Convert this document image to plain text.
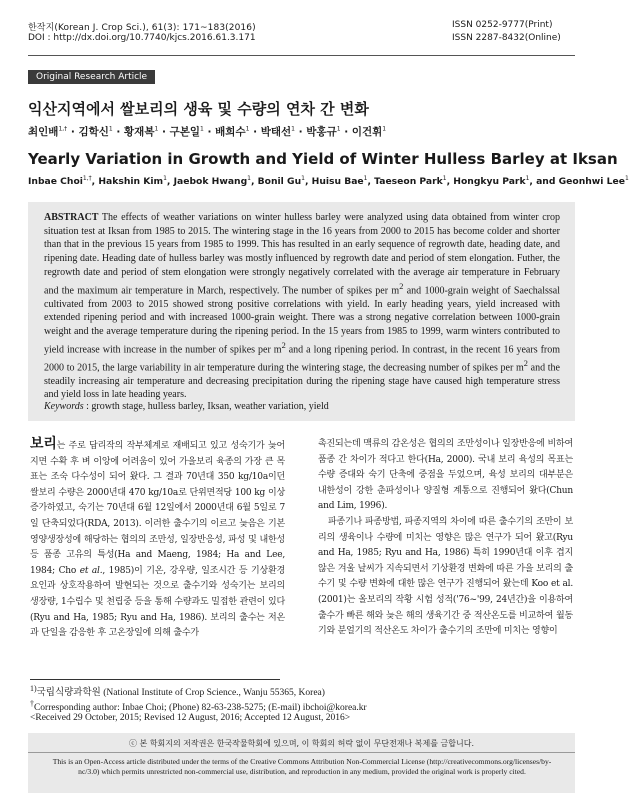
한작지(Korean J. Crop Sci.), 61(3): 171~183(2016)
DOI : http://dx.doi.org/10.7740/kjcs.2016.61.3.171
ISSN 0252-9777(Print)
ISSN 2287-8432(Online)
Original Research Article
익산지역에서 쌀보리의 생육 및 수량의 연차 간 변화
최인배$^{1,\dagger}$ · 김학신$^1$ · 황재복$^1$ · 구본일$^1$ · 배희수$^1$ · 박태선$^1$ · 박홍규$^1$ · 이건휘$^1$
Yearly Variation in Growth and Yield of Winter Hulless Barley at Iksan
Inbae Choi$^{1,\dagger}$, Hakshin Kim$^1$, Jaebok Hwang$^1$, Bonil Gu$^1$, Huisu Bae$^1$, Taeseon Park$^1$, Hongkyu Park$^1$, and Geonhwi Lee$^1$
ABSTRACT The effects of weather variations on winter hulless barley were analyzed using data obtained from winter crop situation test at Iksan from 1985 to 2015. The wintering stage in the 16 years from 2000 to 2015 has become colder and shorter than that in the previous 15 years from 1985 to 1999. This has resulted in an early sequence of regrowth date, heading date, and ripening date. Heading date of hulless barley was mostly influenced by regrowth date and period of stem elongation. Futher, the regrowth date and period of stem elongation were strongly negatively correlated with the average air temperature in February and the maximum air temperature in March, respectively. The number of spikes per $m^2$ and 1000-grain weight of Saechalssal cultivated from 2003 to 2015 showed strong positive correlations with yield. In early heading years, yield increased with extended ripening period and with increased 1000-grain weight. There was a strong negative correlation between 1000-grain weight and the average temperature during the ripening period. In the 15 years from 1985 to 1999, warm winters contributed to yield increase with increase in the number of spikes per $m^2$ and a long ripening period. In contrast, in the recent 16 years from 2000 to 2015, the large variability in air temperature during the wintering stage, the decreasing number of spikes per $m^2$ and the steadily increasing air temperature and decreasing precipitation during the ripening stage have caused high temperature stress and yield loss in late heading years.
Keywords : growth stage, hulless barley, Iksan, weather variation, yield
보리는 주로 답리작의 작부체계로 재배되고 있고 성숙기가 늦어지면 수확 후 벼 이앙에 어려움이 있어 가을보리 육종의 가장 큰 목표는 조숙 다수성이 되어 왔다. 그 결과 70년대 350 kg/10a이던 쌀보리 수량은 2000년대 470 kg/10a로 단위면적당 100 kg 이상 증가하였고, 숙기는 70년대 6월 12일에서 2000년대 6월 5일로 7일 단축되었다(RDA, 2013). 이러한 출수기의 이르고 늦음은 기본영양생장성에 해당하는 협의의 조만성, 일장반응성, 파성 및 내한성 등 품종 고유의 특성(Ha and Maeng, 1984; Ha and Lee, 1984; Cho et al., 1985)이 기온, 강우량, 일조시간 등 기상환경 요인과 상호작용하여 발현되는 것으로 출수기와 성숙기는 보리의 생장량, 1수립수 및 천립중 등을 통해 수량과도 밀접한 관련이 있다(Ryu and Ha, 1985; Ryu and Ha, 1986). 보리의 출수는 저온과 단일을 감응한 후 고온장일에 의해 출수가
촉진되는데 맥류의 감온성은 협의의 조만성이나 일장반응에 비하여 품종 간 차이가 적다고 한다(Ha, 2000). 국내 보리 육성의 목표는 수량 증대와 숙기 단축에 중점을 두었으며, 육성 보리의 대부분은 내한성이 강한 춘파성이나 양질형 계통으로 진행되어 왔다(Chun and Lim, 1996).
파종기나 파종방법, 파종지역의 차이에 따른 출수기의 조만이 보리의 생육이나 수량에 미치는 영향은 많은 연구가 되어 왔고(Ryu and Ha, 1985; Ryu and Ha, 1986) 특히 1990년대 이후 겹지 않은 겨울 날씨가 지속되면서 기상환경 변화에 따른 가을 보리의 출수기 및 수량 변화에 대한 많은 연구가 진행되어 왔는데 Koo et al. (2001)는 올보리의 작황 시험 성적('76~'99, 24년간)을 이용하여 출수가 빠른 해와 늦은 해의 생육기간 중 적산온도를 비교하여 월동기와 분얼기의 적산온도 차이가 출수기의 조만에 미치는 영향이
$^{1)}$국립식량과학원 (National Institute of Crop Science., Wanju 55365, Korea)
†Corresponding author: Inbae Choi; (Phone) 82-63-238-5275; (E-mail) ibchoi@korea.kr
<Received 29 October, 2015; Revised 12 August, 2016; Accepted 12 August, 2016>
ⓒ 본 학회지의 저작권은 한국작물학회에 있으며, 이 학회의 허락 없이 무단전재나 복제를 금합니다.
This is an Open-Access article distributed under the terms of the Creative Commons Attribution Non-Commercial License (http://creativecommons.org/licenses/by-nc/3.0) which permits unrestricted non-commercial use, distribution, and reproduction in any medium, provided the original work is properly cited.
